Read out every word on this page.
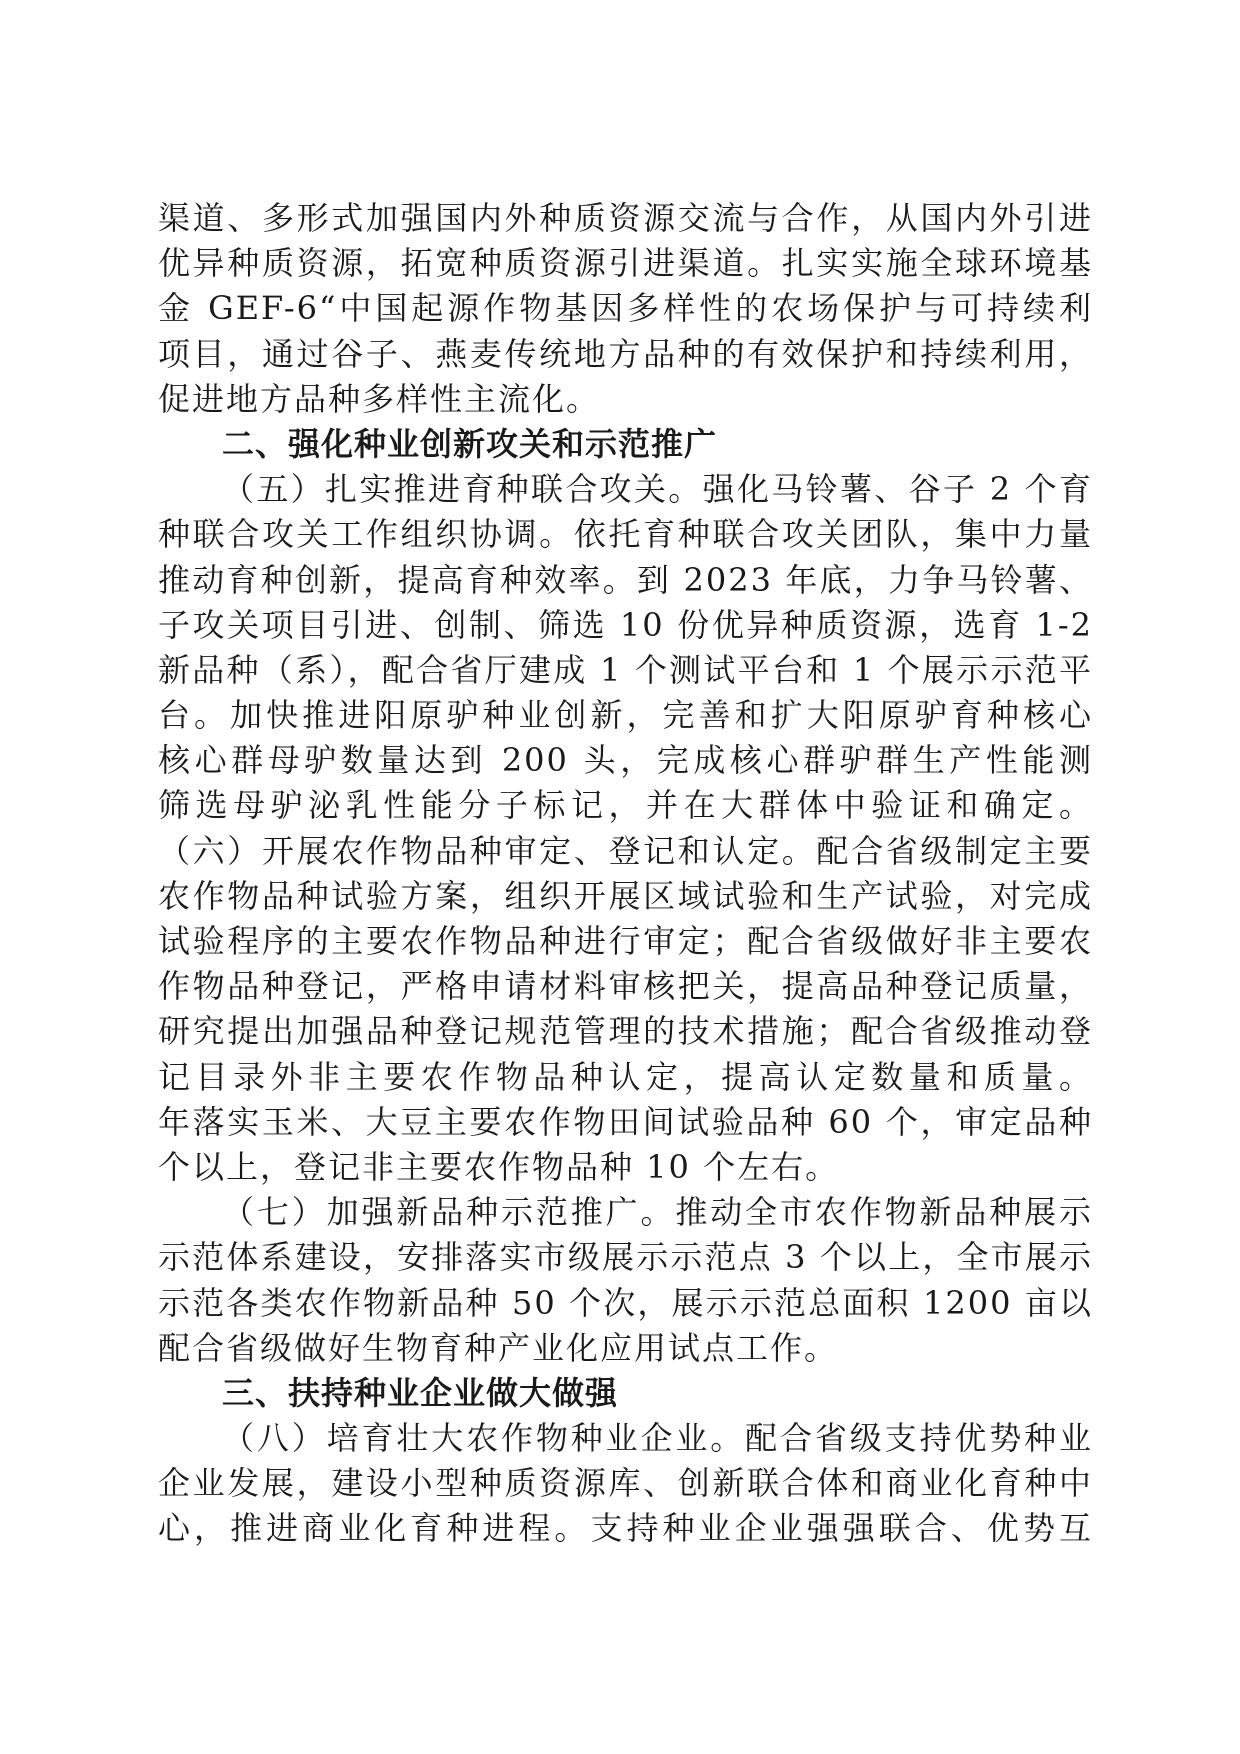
渠道、多形式加强国内外种质资源交流与合作，从国内外引进
优异种质资源，拓宽种质资源引进渠道。扎实实施全球环境基
金 GEF-6“中国起源作物基因多样性的农场保护与可持续利
项目，通过谷子、燕麦传统地方品种的有效保护和持续利用，
促进地方品种多样性主流化。
二、强化种业创新攻关和示范推广
（五）扎实推进育种联合攻关。强化马铃薯、谷子 2 个育
种联合攻关工作组织协调。依托育种联合攻关团队，集中力量
推动育种创新，提高育种效率。到 2023 年底，力争马铃薯、
子攻关项目引进、创制、筛选 10 份优异种质资源，选育 1-2
新品种（系），配合省厅建成 1 个测试平台和 1 个展示示范平
台。加快推进阳原驴种业创新，完善和扩大阳原驴育种核心
核心群母驴数量达到 200 头，完成核心群驴群生产性能测
筛选母驴泌乳性能分子标记，并在大群体中验证和确定。
（六）开展农作物品种审定、登记和认定。配合省级制定主要
农作物品种试验方案，组织开展区域试验和生产试验，对完成
试验程序的主要农作物品种进行审定；配合省级做好非主要农
作物品种登记，严格申请材料审核把关，提高品种登记质量，
研究提出加强品种登记规范管理的技术措施；配合省级推动登
记目录外非主要农作物品种认定，提高认定数量和质量。
年落实玉米、大豆主要农作物田间试验品种 60 个，审定品种
个以上，登记非主要农作物品种 10 个左右。
（七）加强新品种示范推广。推动全市农作物新品种展示
示范体系建设，安排落实市级展示示范点 3 个以上，全市展示
示范各类农作物新品种 50 个次，展示示范总面积 1200 亩以
配合省级做好生物育种产业化应用试点工作。
三、扶持种业企业做大做强
（八）培育壮大农作物种业企业。配合省级支持优势种业
企业发展，建设小型种质资源库、创新联合体和商业化育种中
心，推进商业化育种进程。支持种业企业强强联合、优势互
